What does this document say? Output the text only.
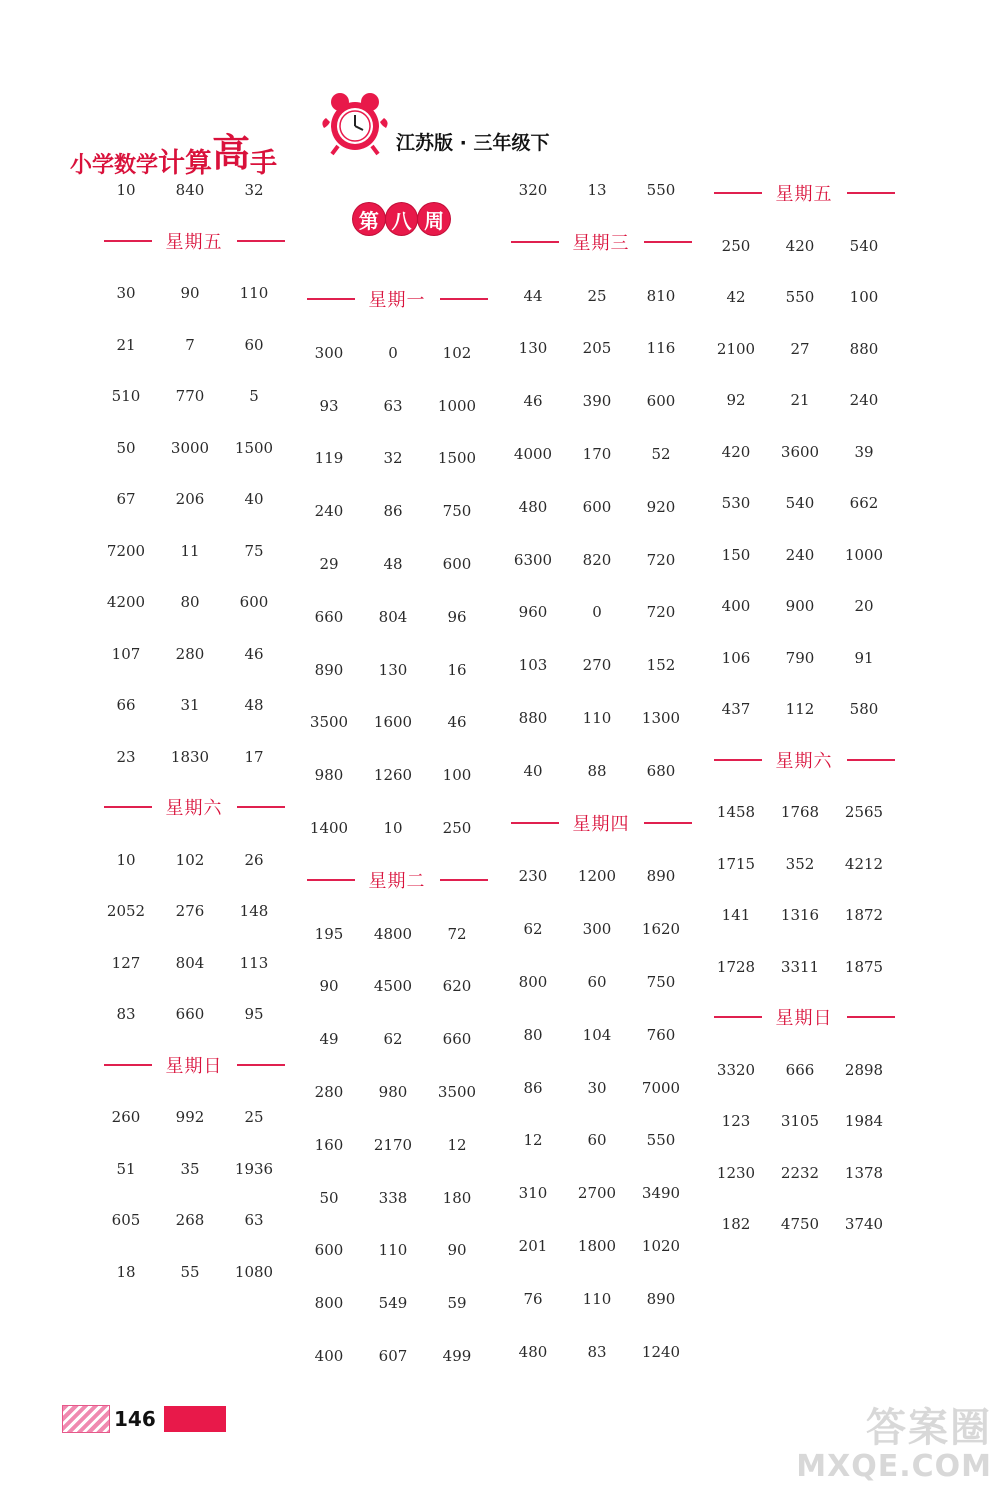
小学数学计算高手
江苏版 · 三年级下
第 八 周
10	840	32
星期五
30	90	110
21	7	60
510	770	5
50	3000	1500
67	206	40
7200	11	75
4200	80	600
107	280	46
66	31	48
23	1830	17
星期六
10	102	26
2052	276	148
127	804	113
83	660	95
星期日
260	992	25
51	35	1936
605	268	63
18	55	1080
星期一
300	0	102
93	63	1000
119	32	1500
240	86	750
29	48	600
660	804	96
890	130	16
3500	1600	46
980	1260	100
1400	10	250
星期二
195	4800	72
90	4500	620
49	62	660
280	980	3500
160	2170	12
50	338	180
600	110	90
800	549	59
400	607	499
320	13	550
星期三
44	25	810
130	205	116
46	390	600
4000	170	52
480	600	920
6300	820	720
960	0	720
103	270	152
880	110	1300
40	88	680
星期四
230	1200	890
62	300	1620
800	60	750
80	104	760
86	30	7000
12	60	550
310	2700	3490
201	1800	1020
76	110	890
480	83	1240
星期五
250	420	540
42	550	100
2100	27	880
92	21	240
420	3600	39
530	540	662
150	240	1000
400	900	20
106	790	91
437	112	580
星期六
1458	1768	2565
1715	352	4212
141	1316	1872
1728	3311	1875
星期日
3320	666	2898
123	3105	1984
1230	2232	1378
182	4750	3740
146	答案圈
MXQE.COM
